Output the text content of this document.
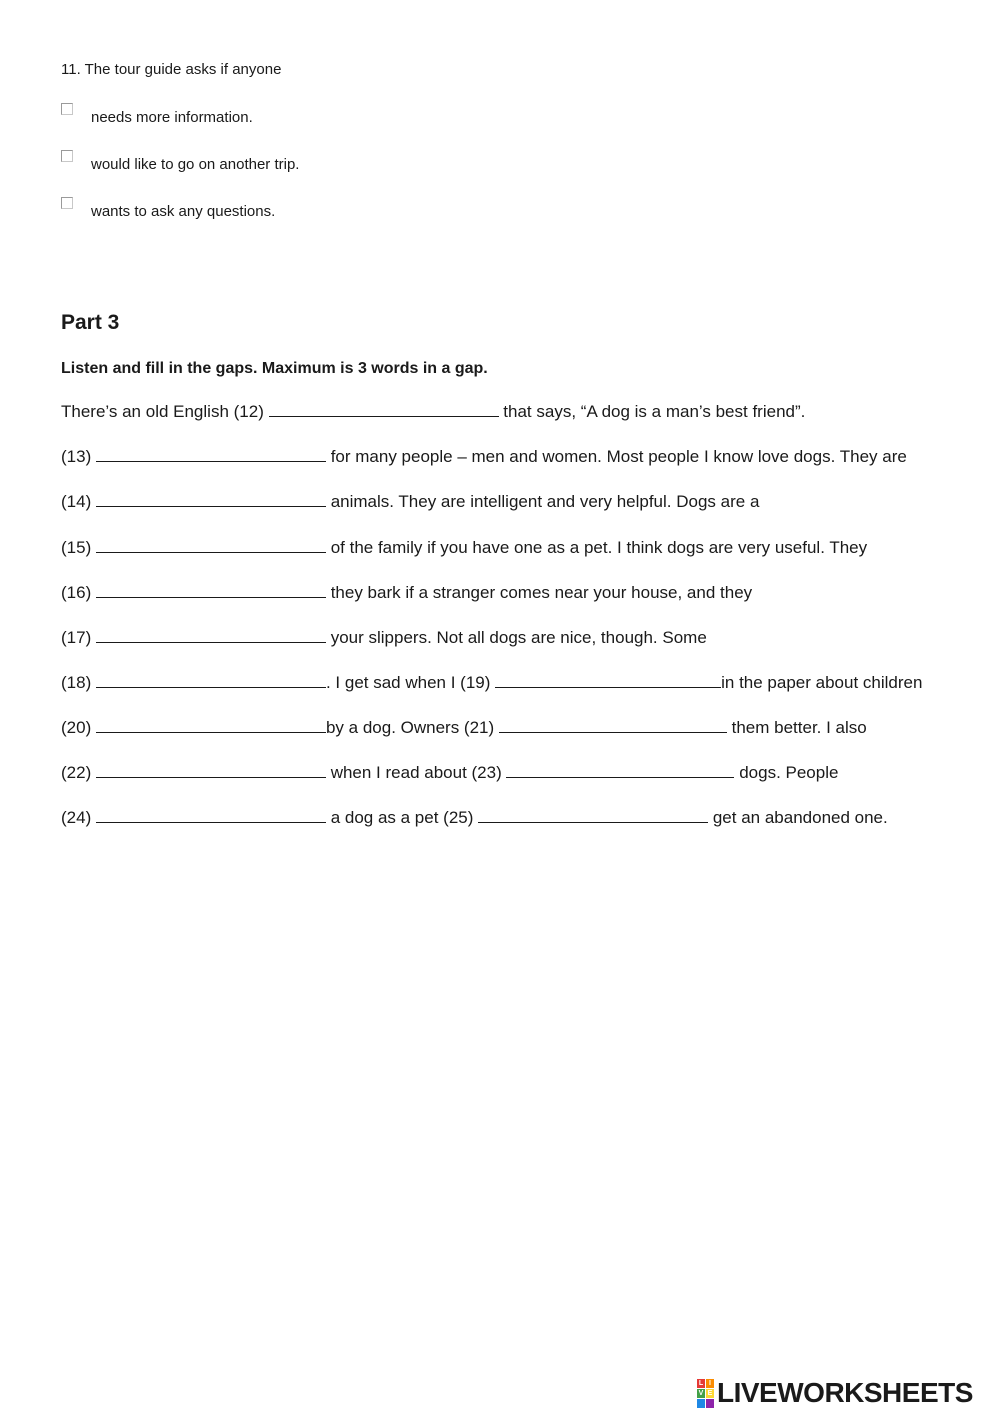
11. The tour guide asks if anyone

needs more information.
would like to go on another trip.
wants to ask any questions.
Part 3

Listen and fill in the gaps. Maximum is 3 words in a gap.

There’s an old English (12)	that says, “A dog is a man’s best friend”.

(13)	for many people – men and women. Most people I know love dogs. They are

(14)	animals. They are intelligent and very helpful. Dogs are a

(15)	of the family if you have one as a pet. I think dogs are very useful. They

(16)	they bark if a stranger comes near your house, and they

(17)	your slippers. Not all dogs are nice, though. Some

(18)	. I get sad when I (19)	in the paper about children

(20)	by a dog. Owners (21)	them better. I also

(22)	when I read about (23)	dogs. People

(24)	a dog as a pet (25)	get an abandoned one.

L I
V E LIVEWORKSHEETS
